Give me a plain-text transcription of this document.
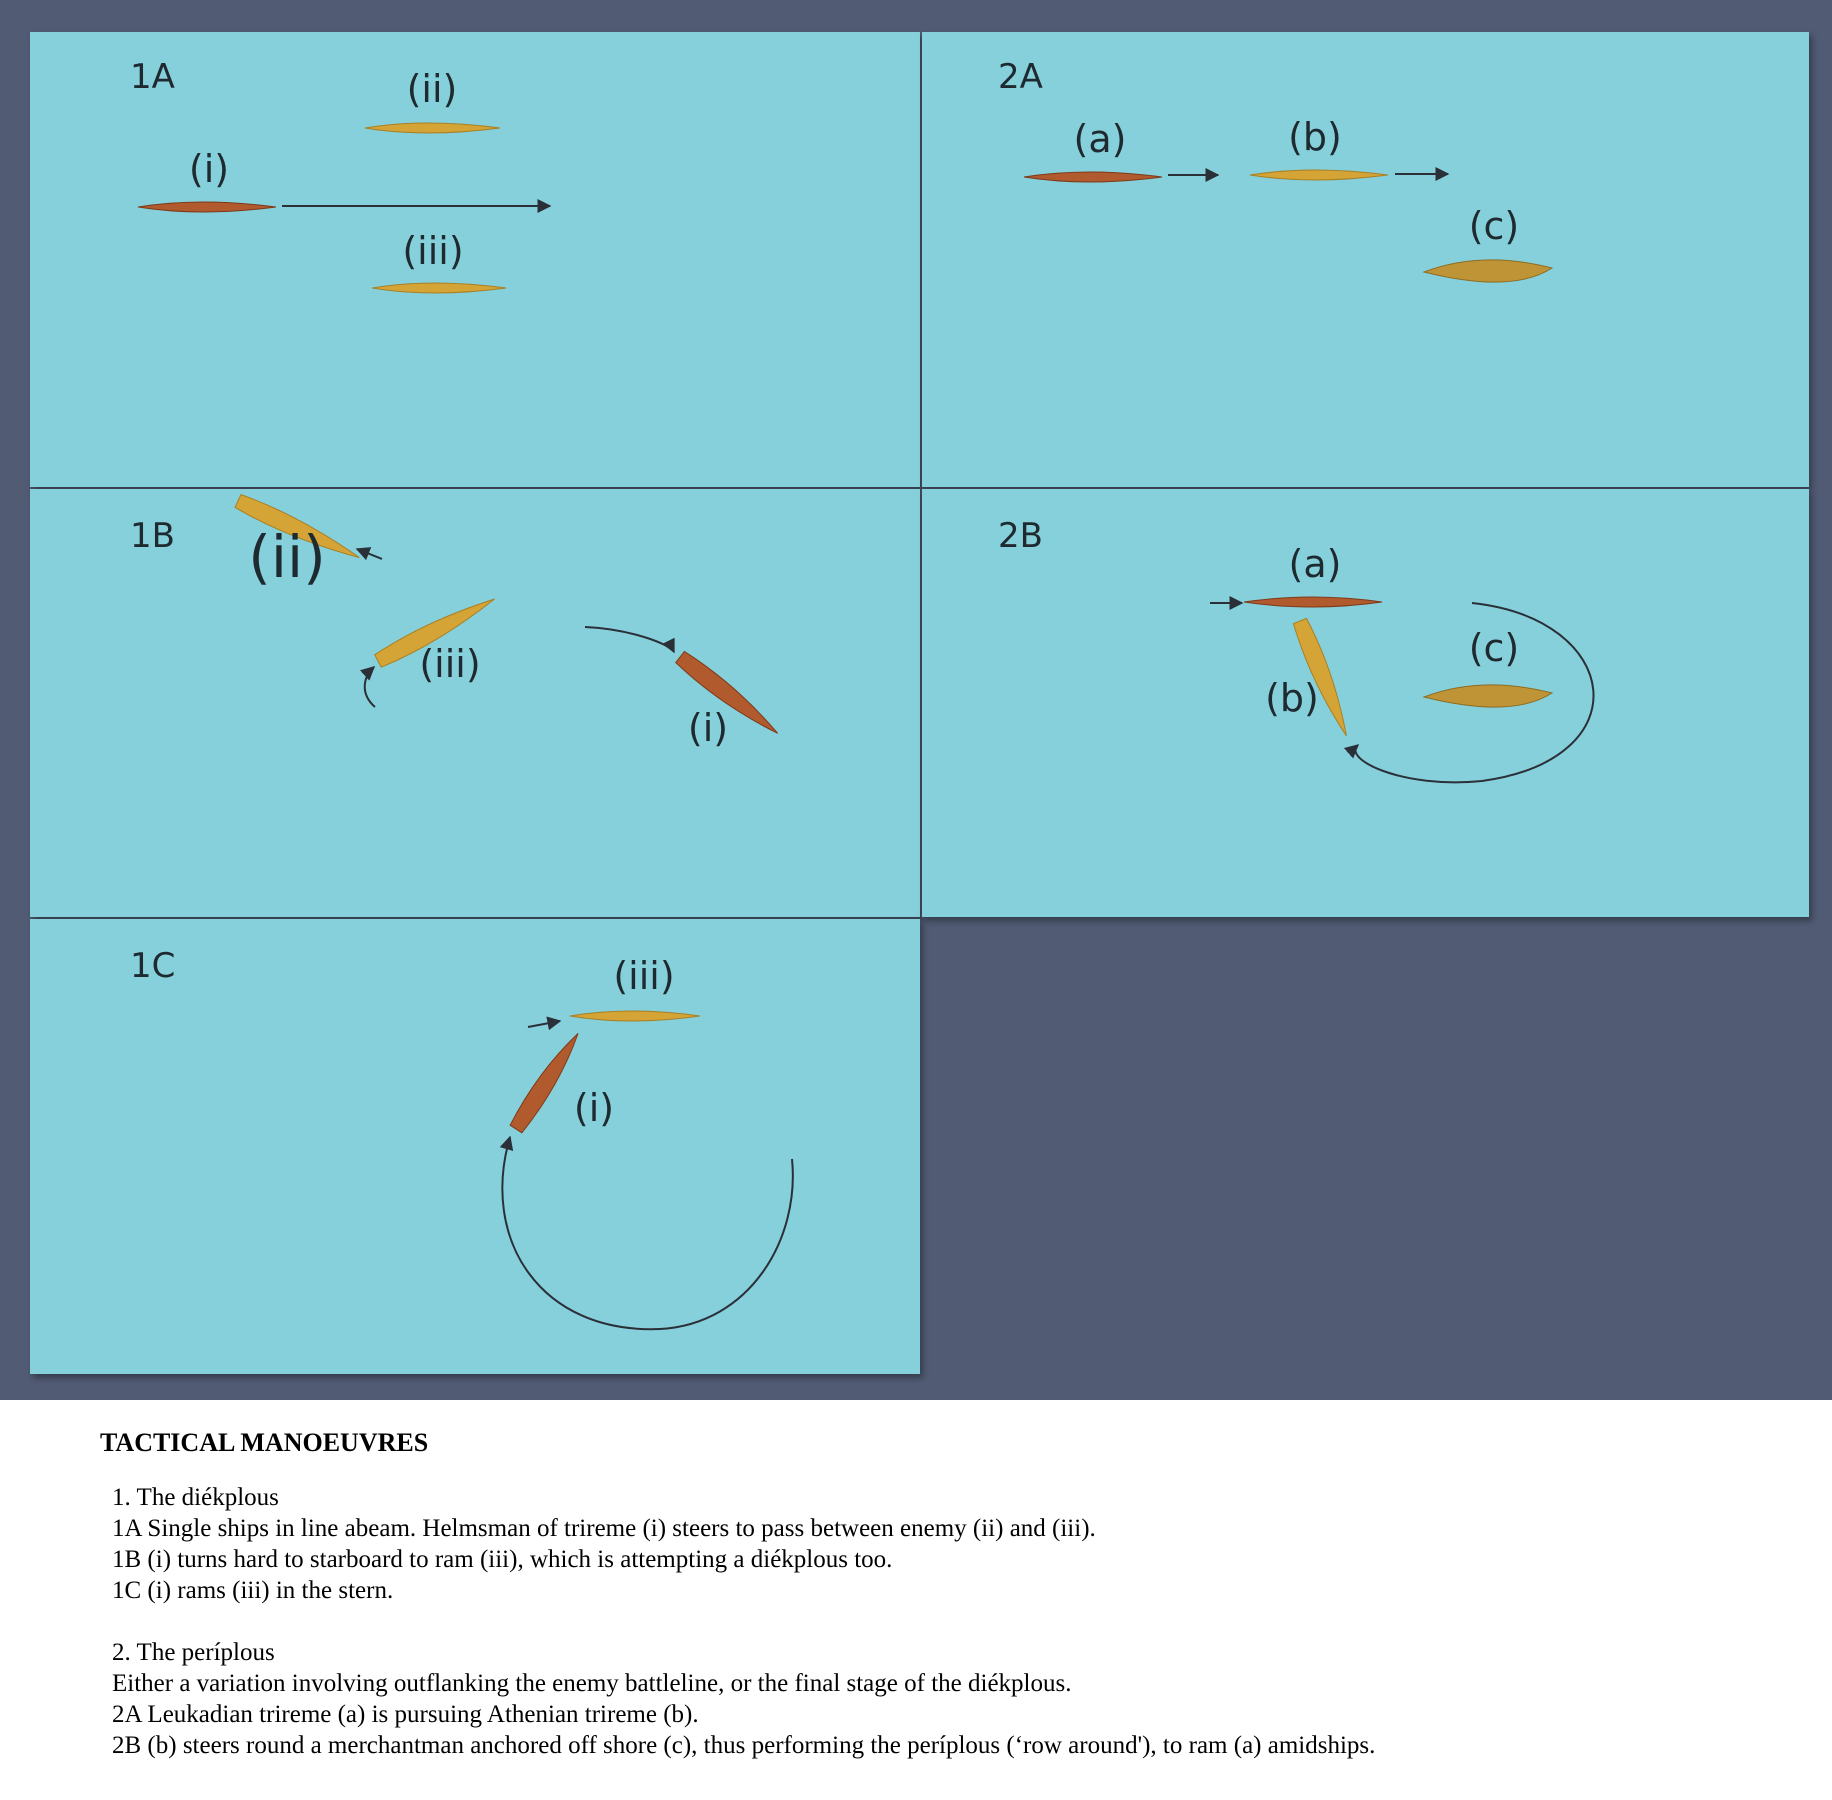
1A	(ii)
(i)
(iii)
2A
(a)	(b)
(c)
1B (ii)
(iii)
(i)
2B
(a)
(b)
(c)
1C	(iii)
(i)
TACTICAL MANOEUVRES
1. The diékplous
1A Single ships in line abeam. Helmsman of trireme (i) steers to pass between enemy (ii) and (iii).
1B (i) turns hard to starboard to ram (iii), which is attempting a diékplous too.
1C (i) rams (iii) in the stern.
2. The períplous
Either a variation involving outflanking the enemy battleline, or the final stage of the diékplous.
2A Leukadian trireme (a) is pursuing Athenian trireme (b).
2B (b) steers round a merchantman anchored off shore (c), thus performing the períplous (‘row around'), to ram (a) amidships.
